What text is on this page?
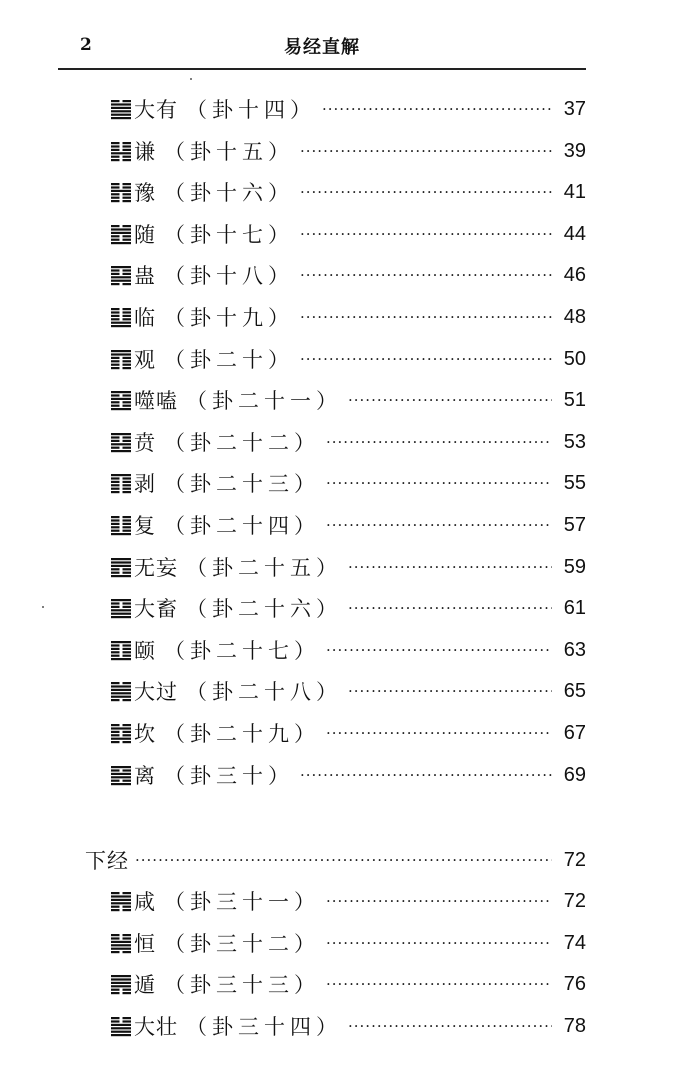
2	易经直解
大有 （卦十四） ·····	37
谦 （卦十五） ·····	39
豫 （卦十六） ·····	41
随 （卦十七） ·····	44
蛊 （卦十八） ·····	46
临 （卦十九） ·····	48
观 （卦二十） ·····	50
噬嗑 （卦二十一） ·····	51
贲 （卦二十二） ·····	53
剥 （卦二十三） ·····	55
复 （卦二十四） ·····	57
无妄 （卦二十五） ·····	59
大畜 （卦二十六） ·····	61
颐 （卦二十七） ·····	63
大过 （卦二十八） ·····	65
坎 （卦二十九） ·····	67
离 （卦三十） ·····	69
下经 ·····	72
咸 （卦三十一） ·····	72
恒 （卦三十二） ·····	74
遁 （卦三十三） ·····	76
大壮 （卦三十四） ·····	78
